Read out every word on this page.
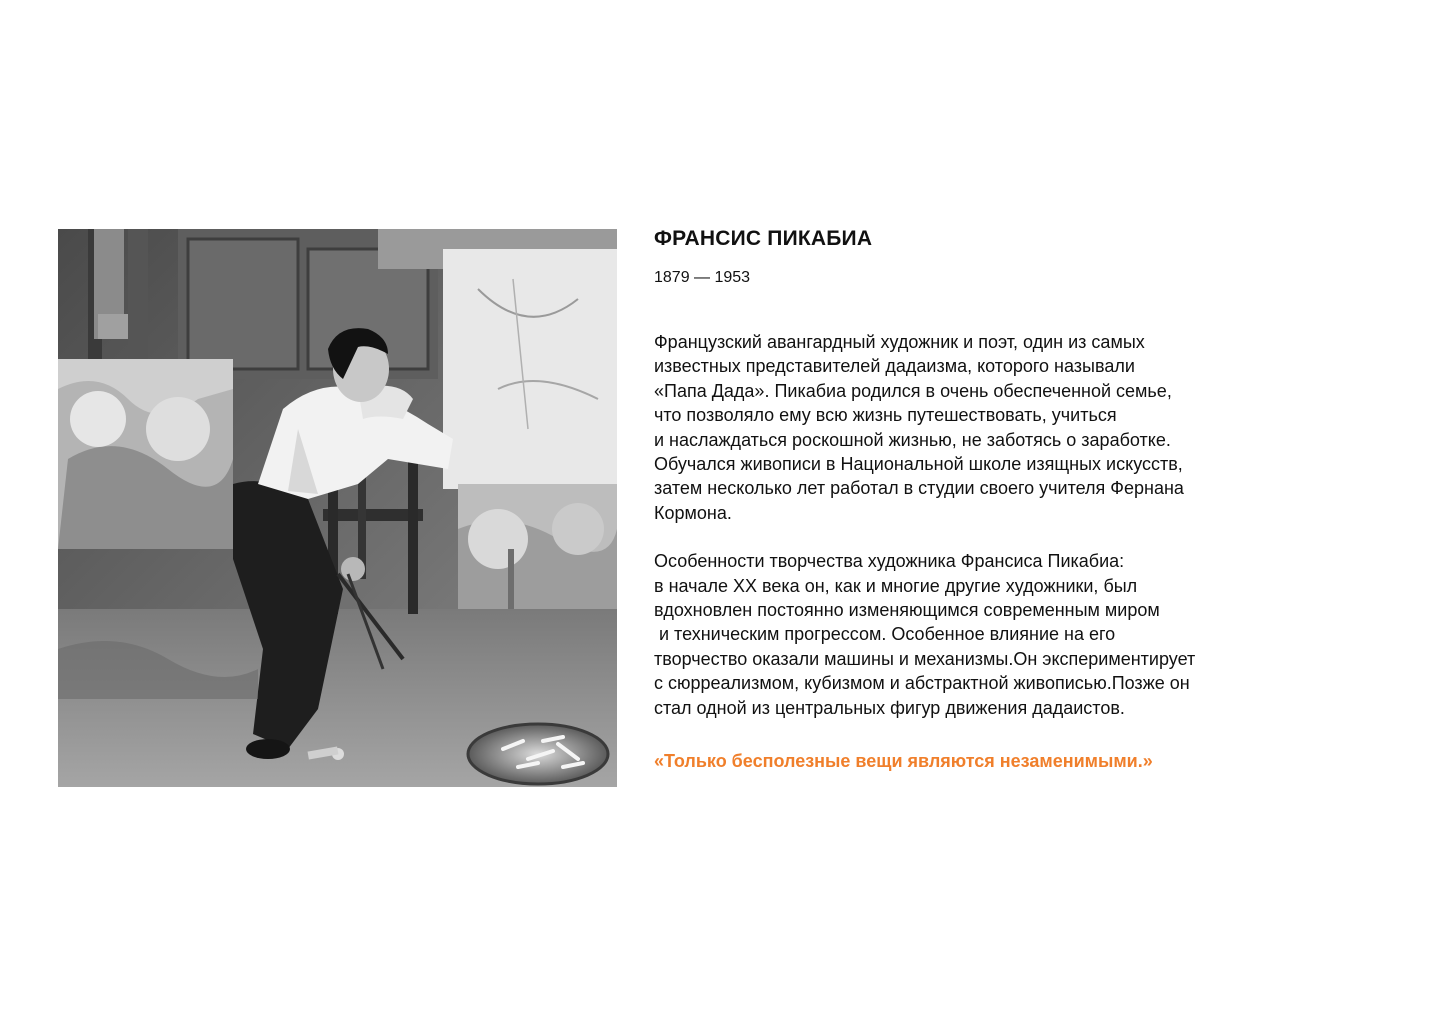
ФРАНСИС ПИКАБИА

1879 — 1953

Французский авангардный художник и поэт, один из самых
известных представителей дадаизма, которого называли
«Папа Дада». Пикабиа родился в очень обеспеченной семье,
что позволяло ему всю жизнь путешествовать, учиться
и наслаждаться роскошной жизнью, не заботясь о заработке.
Обучался живописи в Национальной школе изящных искусств,
затем несколько лет работал в студии своего учителя Фернана
Кормона.

Особенности творчества художника Франсиса Пикабиа:
в начале XX века он, как и многие другие художники, был
вдохновлен постоянно изменяющимся современным миром
и техническим прогрессом. Особенное влияние на его
творчество оказали машины и механизмы.Он экспериментирует
с сюрреализмом, кубизмом и абстрактной живописью.Позже он
стал одной из центральных фигур движения дадаистов.

«Только бесполезные вещи являются незаменимыми.»
